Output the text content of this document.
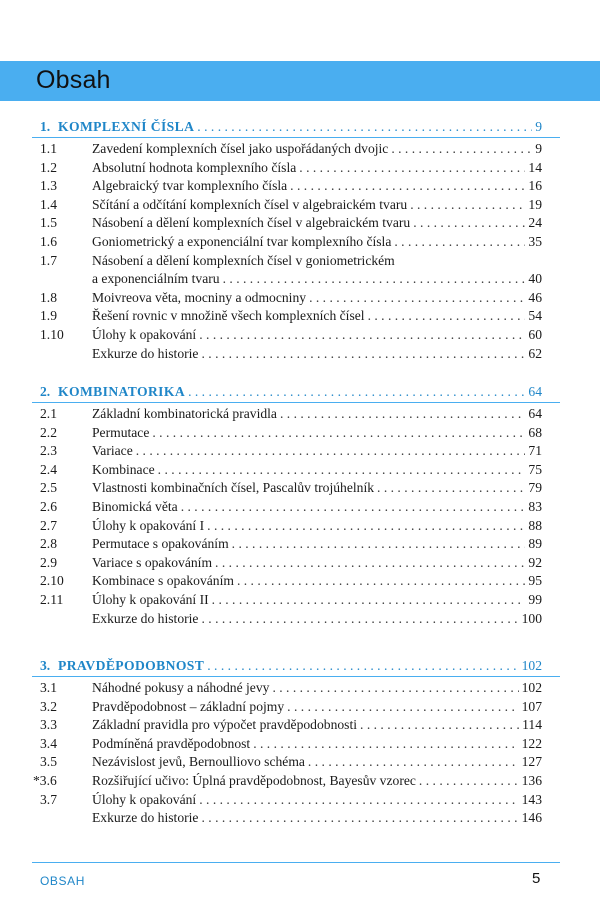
Obsah
1. KOMPLEXNÍ ČÍSLA . . .	9
1.1	Zavedení komplexních čísel jako uspořádaných dvojic . . .	9
1.2	Absolutní hodnota komplexního čísla . . .	14
1.3	Algebraický tvar komplexního čísla . . .	16
1.4	Sčítání a odčítání komplexních čísel v algebraickém tvaru . . .	19
1.5	Násobení a dělení komplexních čísel v algebraickém tvaru . . .	24
1.6	Goniometrický a exponenciální tvar komplexního čísla . . .	35
1.7	Násobení a dělení komplexních čísel v goniometrickém
a exponenciálním tvaru . . .	40
1.8	Moivreova věta, mocniny a odmocniny . . .	46
1.9	Řešení rovnic v množině všech komplexních čísel . . .	54
1.10	Úlohy k opakování . . .	60
Exkurze do historie . . .	62
2. KOMBINATORIKA . . .	64
2.1	Základní kombinatorická pravidla . . .	64
2.2	Permutace . . .	68
2.3	Variace . . .	71
2.4	Kombinace . . .	75
2.5	Vlastnosti kombinačních čísel, Pascalův trojúhelník . . .	79
2.6	Binomická věta . . .	83
2.7	Úlohy k opakování I . . .	88
2.8	Permutace s opakováním . . .	89
2.9	Variace s opakováním . . .	92
2.10	Kombinace s opakováním . . .	95
2.11	Úlohy k opakování II . . .	99
Exkurze do historie . . .	100
3. PRAVDĚPODOBNOST . . .	102
3.1	Náhodné pokusy a náhodné jevy . . .	102
3.2	Pravděpodobnost – základní pojmy . . .	107
3.3	Základní pravidla pro výpočet pravděpodobnosti . . .	114
3.4	Podmíněná pravděpodobnost . . .	122
3.5	Nezávislost jevů, Bernoulliovo schéma . . .	127
*3.6	Rozšiřující učivo: Úplná pravděpodobnost, Bayesův vzorec . . .	136
3.7	Úlohy k opakování . . .	143
Exkurze do historie . . .	146
OBSAH	5
